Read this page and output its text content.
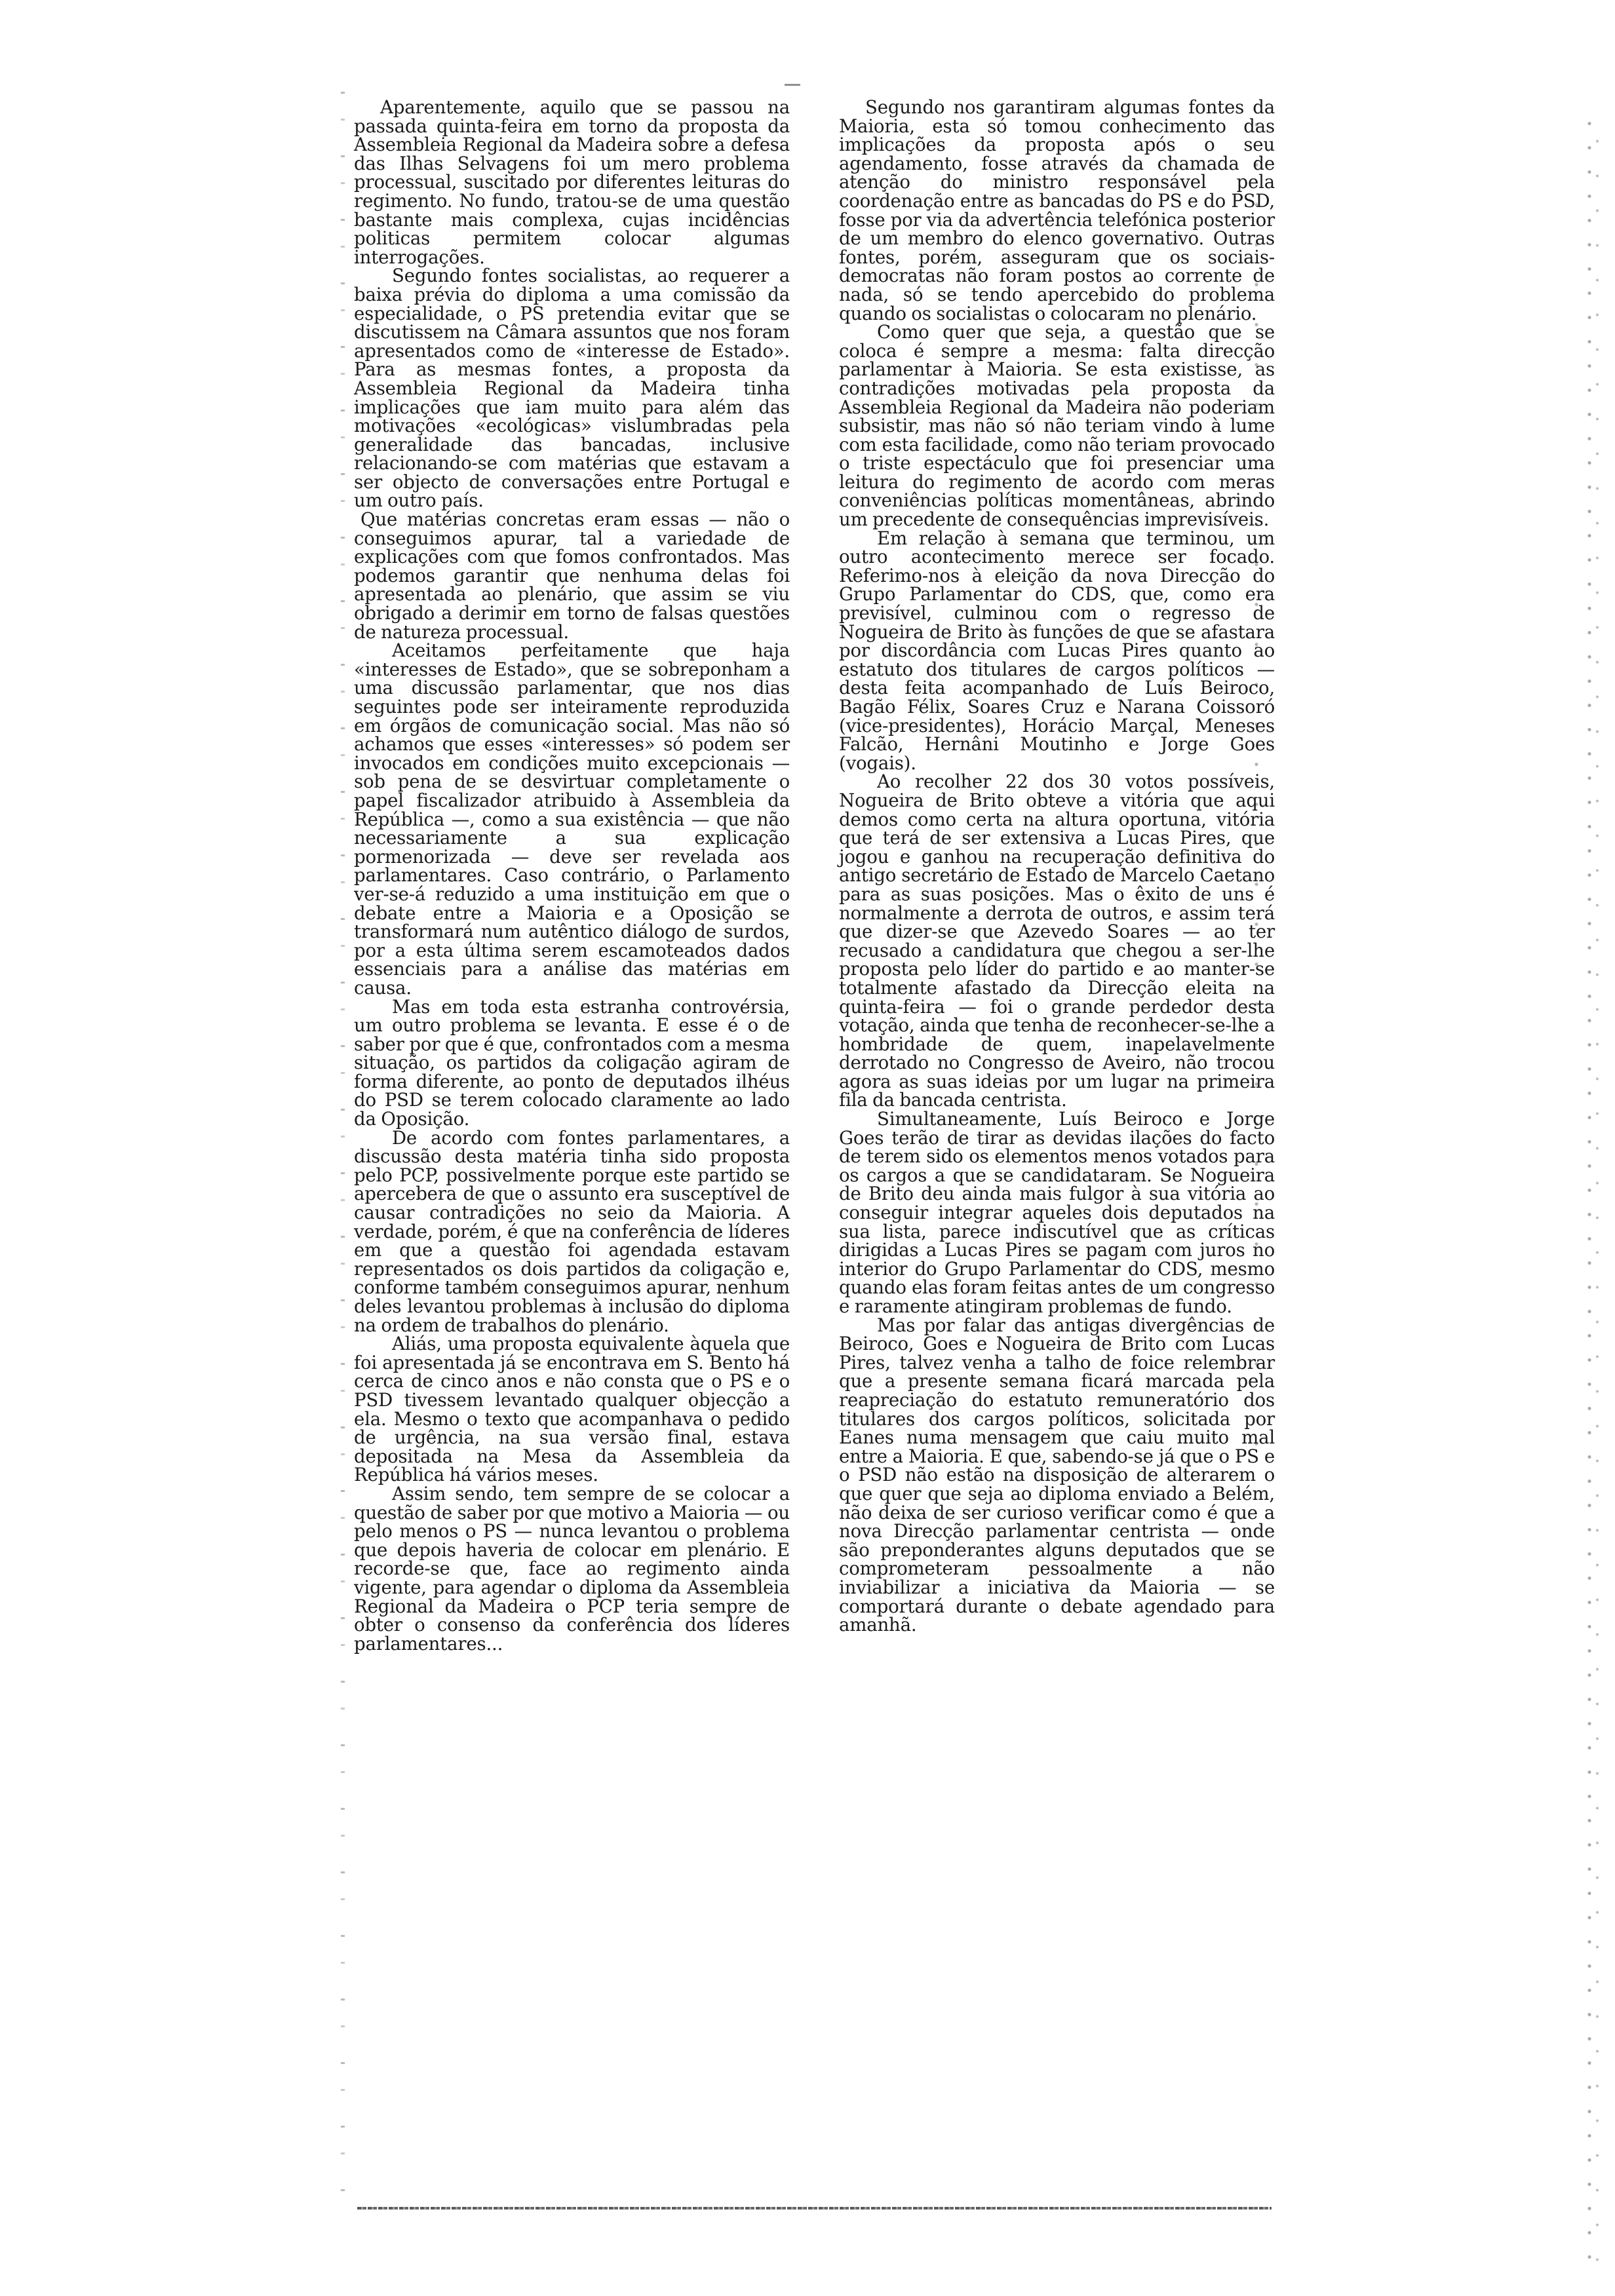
Aparentemente, aquilo que se passou na passada quinta-feira em torno da proposta da Assembleia Regional da Madeira sobre a defesa das Ilhas Selvagens foi um mero problema processual, suscitado por diferentes leituras do regimento. No fundo, tratou-se de uma questão bastante mais complexa, cujas incidências politicas permitem colocar algumas interrogações.

Segundo fontes socialistas, ao requerer a baixa prévia do diploma a uma comissão da especialidade, o PS pretendia evitar que se discutissem na Câmara assuntos que nos foram apresentados como de «interesse de Estado». Para as mesmas fontes, a proposta da Assembleia Regional da Madeira tinha implicações que iam muito para além das motivações «ecológicas» vislumbradas pela generalidade das bancadas, inclusive relacionando-se com matérias que estavam a ser objecto de conversações entre Portugal e um outro país.

Que matérias concretas eram essas — não o conseguimos apurar, tal a variedade de explicações com que fomos confrontados. Mas podemos garantir que nenhuma delas foi apresentada ao plenário, que assim se viu obrigado a derimir em torno de falsas questões de natureza processual.

Aceitamos perfeitamente que haja «interesses de Estado», que se sobreponham a uma discussão parlamentar, que nos dias seguintes pode ser inteiramente reproduzida em órgãos de comunicação social. Mas não só achamos que esses «interesses» só podem ser invocados em condições muito excepcionais — sob pena de se desvirtuar completamente o papel fiscalizador atribuido à Assembleia da República —, como a sua existência — que não necessariamente a sua explicação pormenorizada — deve ser revelada aos parlamentares. Caso contrário, o Parlamento ver-se-á reduzido a uma instituição em que o debate entre a Maioria e a Oposição se transformará num autêntico diálogo de surdos, por a esta última serem escamoteados dados essenciais para a análise das matérias em causa.

Mas em toda esta estranha controvérsia, um outro problema se levanta. E esse é o de saber por que é que, confrontados com a mesma situação, os partidos da coligação agiram de forma diferente, ao ponto de deputados ilhéus do PSD se terem colocado claramente ao lado da Oposição.

De acordo com fontes parlamentares, a discussão desta matéria tinha sido proposta pelo PCP, possivelmente porque este partido se apercebera de que o assunto era susceptível de causar contradições no seio da Maioria. A verdade, porém, é que na conferência de líderes em que a questão foi agendada estavam representados os dois partidos da coligação e, conforme também conseguimos apurar, nenhum deles levantou problemas à inclusão do diploma na ordem de trabalhos do plenário.

Aliás, uma proposta equivalente àquela que foi apresentada já se encontrava em S. Bento há cerca de cinco anos e não consta que o PS e o PSD tivessem levantado qualquer objecção a ela. Mesmo o texto que acompanhava o pedido de urgência, na sua versão final, estava depositada na Mesa da Assembleia da República há vários meses.

Assim sendo, tem sempre de se colocar a questão de saber por que motivo a Maioria — ou pelo menos o PS — nunca levantou o problema que depois haveria de colocar em plenário. E recorde-se que, face ao regimento ainda vigente, para agendar o diploma da Assembleia Regional da Madeira o PCP teria sempre de obter o consenso da conferência dos líderes parlamentares...

Segundo nos garantiram algumas fontes da Maioria, esta só tomou conhecimento das implicações da proposta após o seu agendamento, fosse através da chamada de atenção do ministro responsável pela coordenação entre as bancadas do PS e do PSD, fosse por via da advertência telefónica posterior de um membro do elenco governativo. Outras fontes, porém, asseguram que os sociais-democratas não foram postos ao corrente de nada, só se tendo apercebido do problema quando os socialistas o colocaram no plenário.

Como quer que seja, a questão que se coloca é sempre a mesma: falta direcção parlamentar à Maioria. Se esta existisse, as contradições motivadas pela proposta da Assembleia Regional da Madeira não poderiam subsistir, mas não só não teriam vindo à lume com esta facilidade, como não teriam provocado o triste espectáculo que foi presenciar uma leitura do regimento de acordo com meras conveniências políticas momentâneas, abrindo um precedente de consequências imprevisíveis.

Em relação à semana que terminou, um outro acontecimento merece ser focado. Referimo-nos à eleição da nova Direcção do Grupo Parlamentar do CDS, que, como era previsível, culminou com o regresso de Nogueira de Brito às funções de que se afastara por discordância com Lucas Pires quanto ao estatuto dos titulares de cargos políticos — desta feita acompanhado de Luís Beiroco, Bagão Félix, Soares Cruz e Narana Coissoró (vice-presidentes), Horácio Marçal, Meneses Falcão, Hernâni Moutinho e Jorge Goes (vogais).

Ao recolher 22 dos 30 votos possíveis, Nogueira de Brito obteve a vitória que aqui demos como certa na altura oportuna, vitória que terá de ser extensiva a Lucas Pires, que jogou e ganhou na recuperação definitiva do antigo secretário de Estado de Marcelo Caetano para as suas posições. Mas o êxito de uns é normalmente a derrota de outros, e assim terá que dizer-se que Azevedo Soares — ao ter recusado a candidatura que chegou a ser-lhe proposta pelo líder do partido e ao manter-se totalmente afastado da Direcção eleita na quinta-feira — foi o grande perdedor desta votação, ainda que tenha de reconhecer-se-lhe a hombridade de quem, inapelavelmente derrotado no Congresso de Aveiro, não trocou agora as suas ideias por um lugar na primeira fila da bancada centrista.

Simultaneamente, Luís Beiroco e Jorge Goes terão de tirar as devidas ilações do facto de terem sido os elementos menos votados para os cargos a que se candidataram. Se Nogueira de Brito deu ainda mais fulgor à sua vitória ao conseguir integrar aqueles dois deputados na sua lista, parece indiscutível que as críticas dirigidas a Lucas Pires se pagam com juros no interior do Grupo Parlamentar do CDS, mesmo quando elas foram feitas antes de um congresso e raramente atingiram problemas de fundo.

Mas por falar das antigas divergências de Beiroco, Goes e Nogueira de Brito com Lucas Pires, talvez venha a talho de foice relembrar que a presente semana ficará marcada pela reapreciação do estatuto remuneratório dos titulares dos cargos políticos, solicitada por Eanes numa mensagem que caiu muito mal entre a Maioria. E que, sabendo-se já que o PS e o PSD não estão na disposição de alterarem o que quer que seja ao diploma enviado a Belém, não deixa de ser curioso verificar como é que a nova Direcção parlamentar centrista — onde são preponderantes alguns deputados que se comprometeram pessoalmente a não inviabilizar a iniciativa da Maioria — se comportará durante o debate agendado para amanhã.
